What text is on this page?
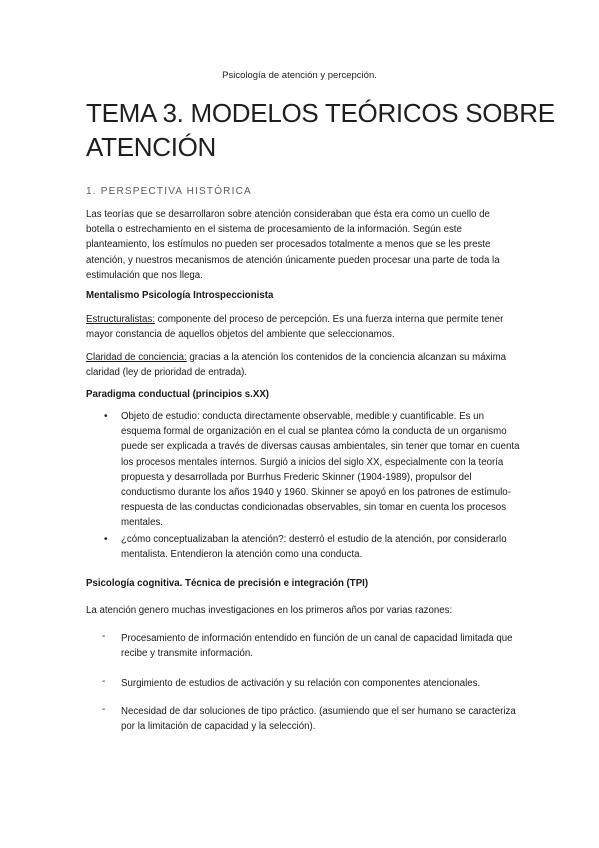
Psicología de atención y percepción.
TEMA 3. MODELOS TEÓRICOS SOBRE ATENCIÓN
1. PERSPECTIVA HISTÓRICA

Las teorías que se desarrollaron sobre atención consideraban que ésta era como un cuello de botella o estrechamiento en el sistema de procesamiento de la información. Según este planteamiento, los estímulos no pueden ser procesados totalmente a menos que se les preste atención, y nuestros mecanismos de atención únicamente pueden procesar una parte de toda la estimulación que nos llega.

Mentalismo Psicología Introspeccionista

Estructuralistas: componente del proceso de percepción. Es una fuerza interna que permite tener mayor constancia de aquellos objetos del ambiente que seleccionamos.

Claridad de conciencia: gracias a la atención los contenidos de la conciencia alcanzan su máxima claridad (ley de prioridad de entrada).

Paradigma conductual (principios s.XX)

• Objeto de estudio: conducta directamente observable, medible y cuantificable. Es un esquema formal de organización en el cual se plantea cómo la conducta de un organismo puede ser explicada a través de diversas causas ambientales, sin tener que tomar en cuenta los procesos mentales internos. Surgió a inicios del siglo XX, especialmente con la teoría propuesta y desarrollada por Burrhus Frederic Skinner (1904-1989), propulsor del conductismo durante los años 1940 y 1960. Skinner se apoyó en los patrones de estímulo-respuesta de las conductas condicionadas observables, sin tomar en cuenta los procesos mentales.

• ¿cómo conceptualizaban la atención?: desterró el estudio de la atención, por considerarlo mentalista. Entendieron la atención como una conducta.

Psicología cognitiva. Técnica de precisión e integración (TPI)

La atención genero muchas investigaciones en los primeros años por varias razones:

- Procesamiento de información entendido en función de un canal de capacidad limitada que recibe y transmite información.

- Surgimiento de estudios de activación y su relación con componentes atencionales.

- Necesidad de dar soluciones de tipo práctico. (asumiendo que el ser humano se caracteriza por la limitación de capacidad y la selección).
